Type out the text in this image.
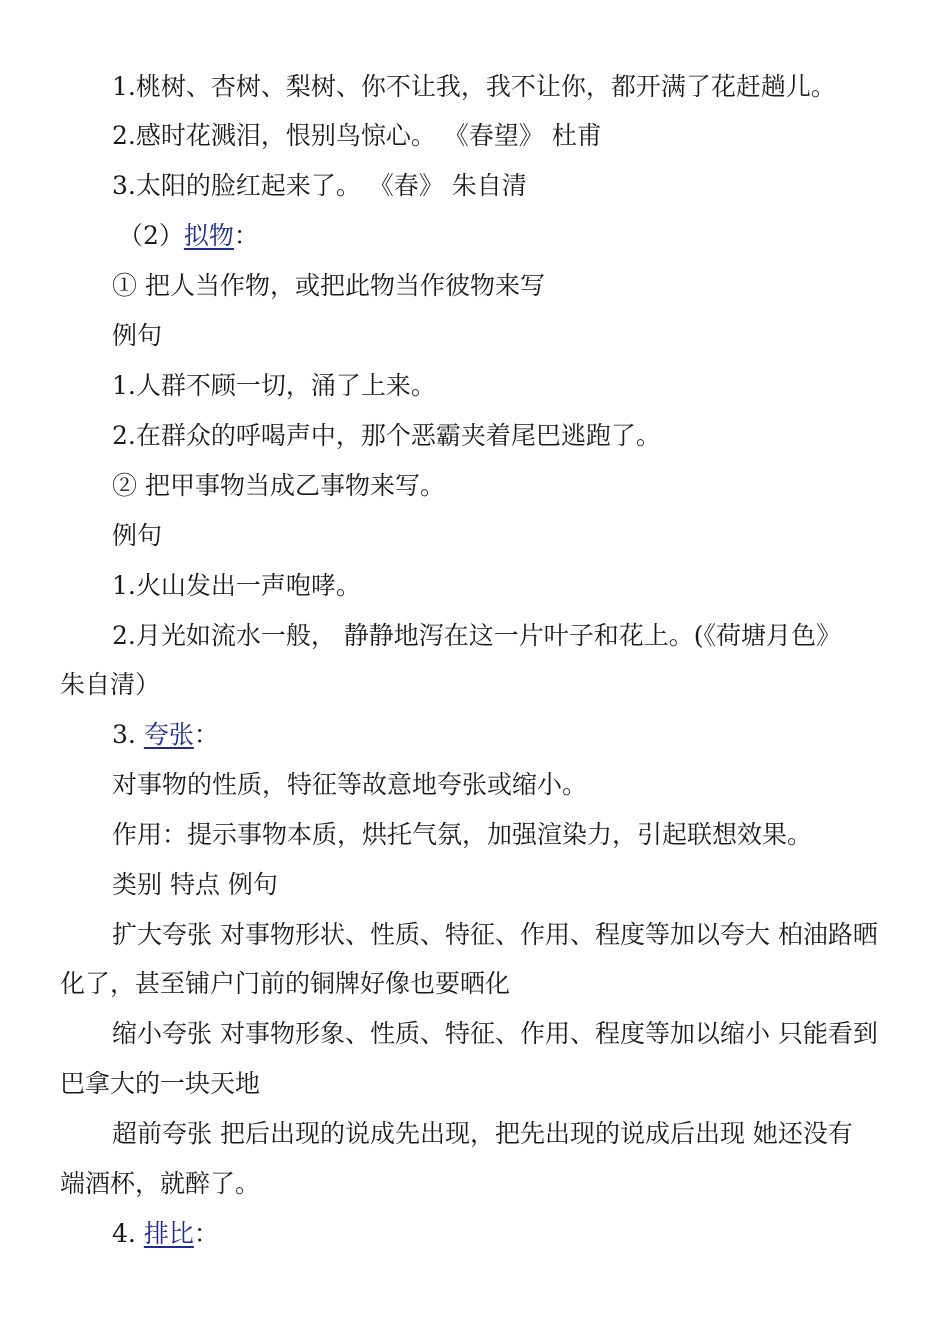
1.桃树、杏树、梨树、你不让我，我不让你，都开满了花赶趟儿。
2.感时花溅泪，恨别鸟惊心。 《春望》 杜甫
3.太阳的脸红起来了。 《春》 朱自清
（2）拟物：
① 把人当作物，或把此物当作彼物来写
例句
1.人群不顾一切，涌了上来。
2.在群众的呼喝声中，那个恶霸夹着尾巴逃跑了。
② 把甲事物当成乙事物来写。
例句
1.火山发出一声咆哮。
2.月光如流水一般， 静静地泻在这一片叶子和花上。(《荷塘月色》
朱自清）
3. 夸张：
对事物的性质，特征等故意地夸张或缩小。
作用：提示事物本质，烘托气氛，加强渲染力，引起联想效果。
类别 特点 例句
扩大夸张 对事物形状、性质、特征、作用、程度等加以夸大 柏油路晒
化了，甚至铺户门前的铜牌好像也要晒化
缩小夸张 对事物形象、性质、特征、作用、程度等加以缩小 只能看到
巴拿大的一块天地
超前夸张 把后出现的说成先出现，把先出现的说成后出现 她还没有
端酒杯，就醉了。
4. 排比：
